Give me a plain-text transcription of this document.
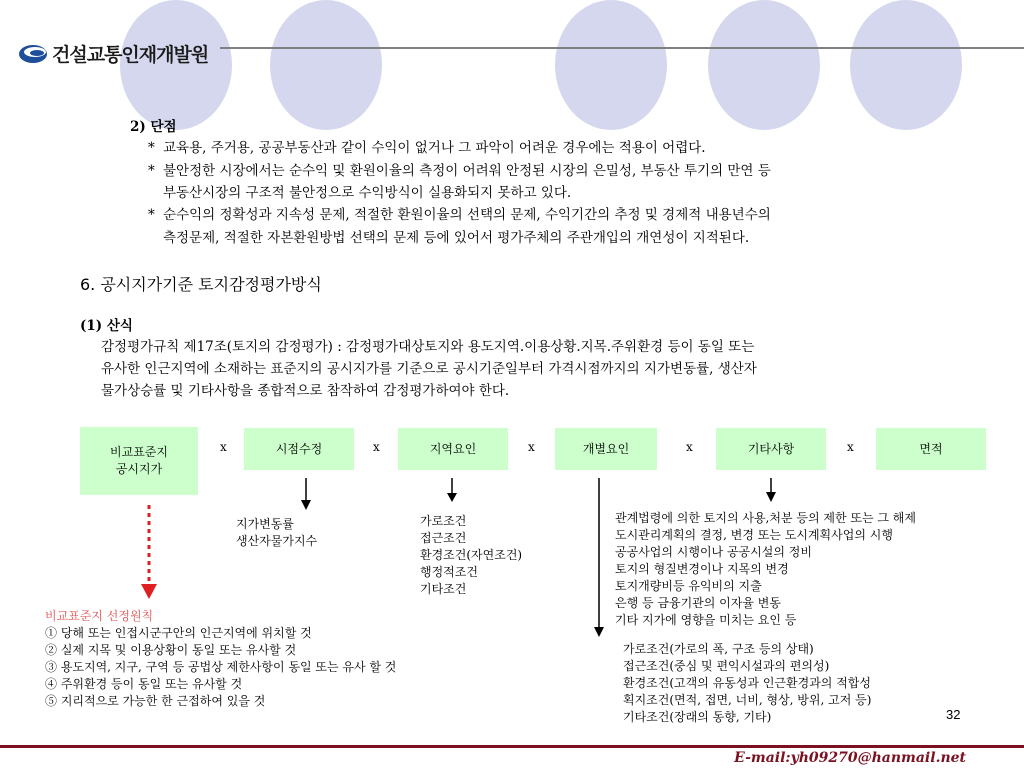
건설교통인재개발원
2) 단점
* 교육용, 주거용, 공공부동산과 같이 수익이 없거나 그 파악이 어려운 경우에는 적용이 어렵다.
* 불안정한 시장에서는 순수익 및 환원이율의 측정이 어려워 안정된 시장의 은밀성, 부동산 투기의 만연 등
부동산시장의 구조적 불안정으로 수익방식이 실용화되지 못하고 있다.
* 순수익의 정확성과 지속성 문제, 적절한 환원이율의 선택의 문제, 수익기간의 추정 및 경제적 내용년수의
측정문제, 적절한 자본환원방법 선택의 문제 등에 있어서 평가주체의 주관개입의 개연성이 지적된다.
6. 공시지가기준 토지감정평가방식
(1) 산식
감정평가규칙 제17조(토지의 감정평가) : 감정평가대상토지와 용도지역.이용상황.지목.주위환경 등이 동일 또는
유사한 인근지역에 소재하는 표준지의 공시지가를 기준으로 공시기준일부터 가격시점까지의 지가변동률, 생산자
물가상승률 및 기타사항을 종합적으로 참작하여 감정평가하여야 한다.
비교표준지
공시지가
시점수정	지역요인	개별요인	기타사항	면적
x	x	x	x	x
지가변동률
생산자물가지수
가로조건
접근조건
환경조건(자연조건)
행정적조건
기타조건
관계법령에 의한 토지의 사용,처분 등의 제한 또는 그 해제
도시관리계획의 결정, 변경 또는 도시계획사업의 시행
공공사업의 시행이나 공공시설의 정비
토지의 형질변경이나 지목의 변경
토지개량비등 유익비의 지출
은행 등 금융기관의 이자율 변동
기타 지가에 영향을 미치는 요인 등
가로조건(가로의 폭, 구조 등의 상태)
접근조건(중심 및 편익시설과의 편의성)
환경조건(고객의 유동성과 인근환경과의 적합성
획지조건(면적, 접면, 너비, 형상, 방위, 고저 등)
기타조건(장래의 동향, 기타)
비교표준지 선정원칙
① 당해 또는 인접시군구안의 인근지역에 위치할 것
② 실제 지목 및 이용상황이 동일 또는 유사할 것
③ 용도지역, 지구, 구역 등 공법상 제한사항이 동일 또는 유사 할 것
④ 주위환경 등이 동일 또는 유사할 것
⑤ 지리적으로 가능한 한 근접하여 있을 것
32
E-mail:yh09270@hanmail.net
